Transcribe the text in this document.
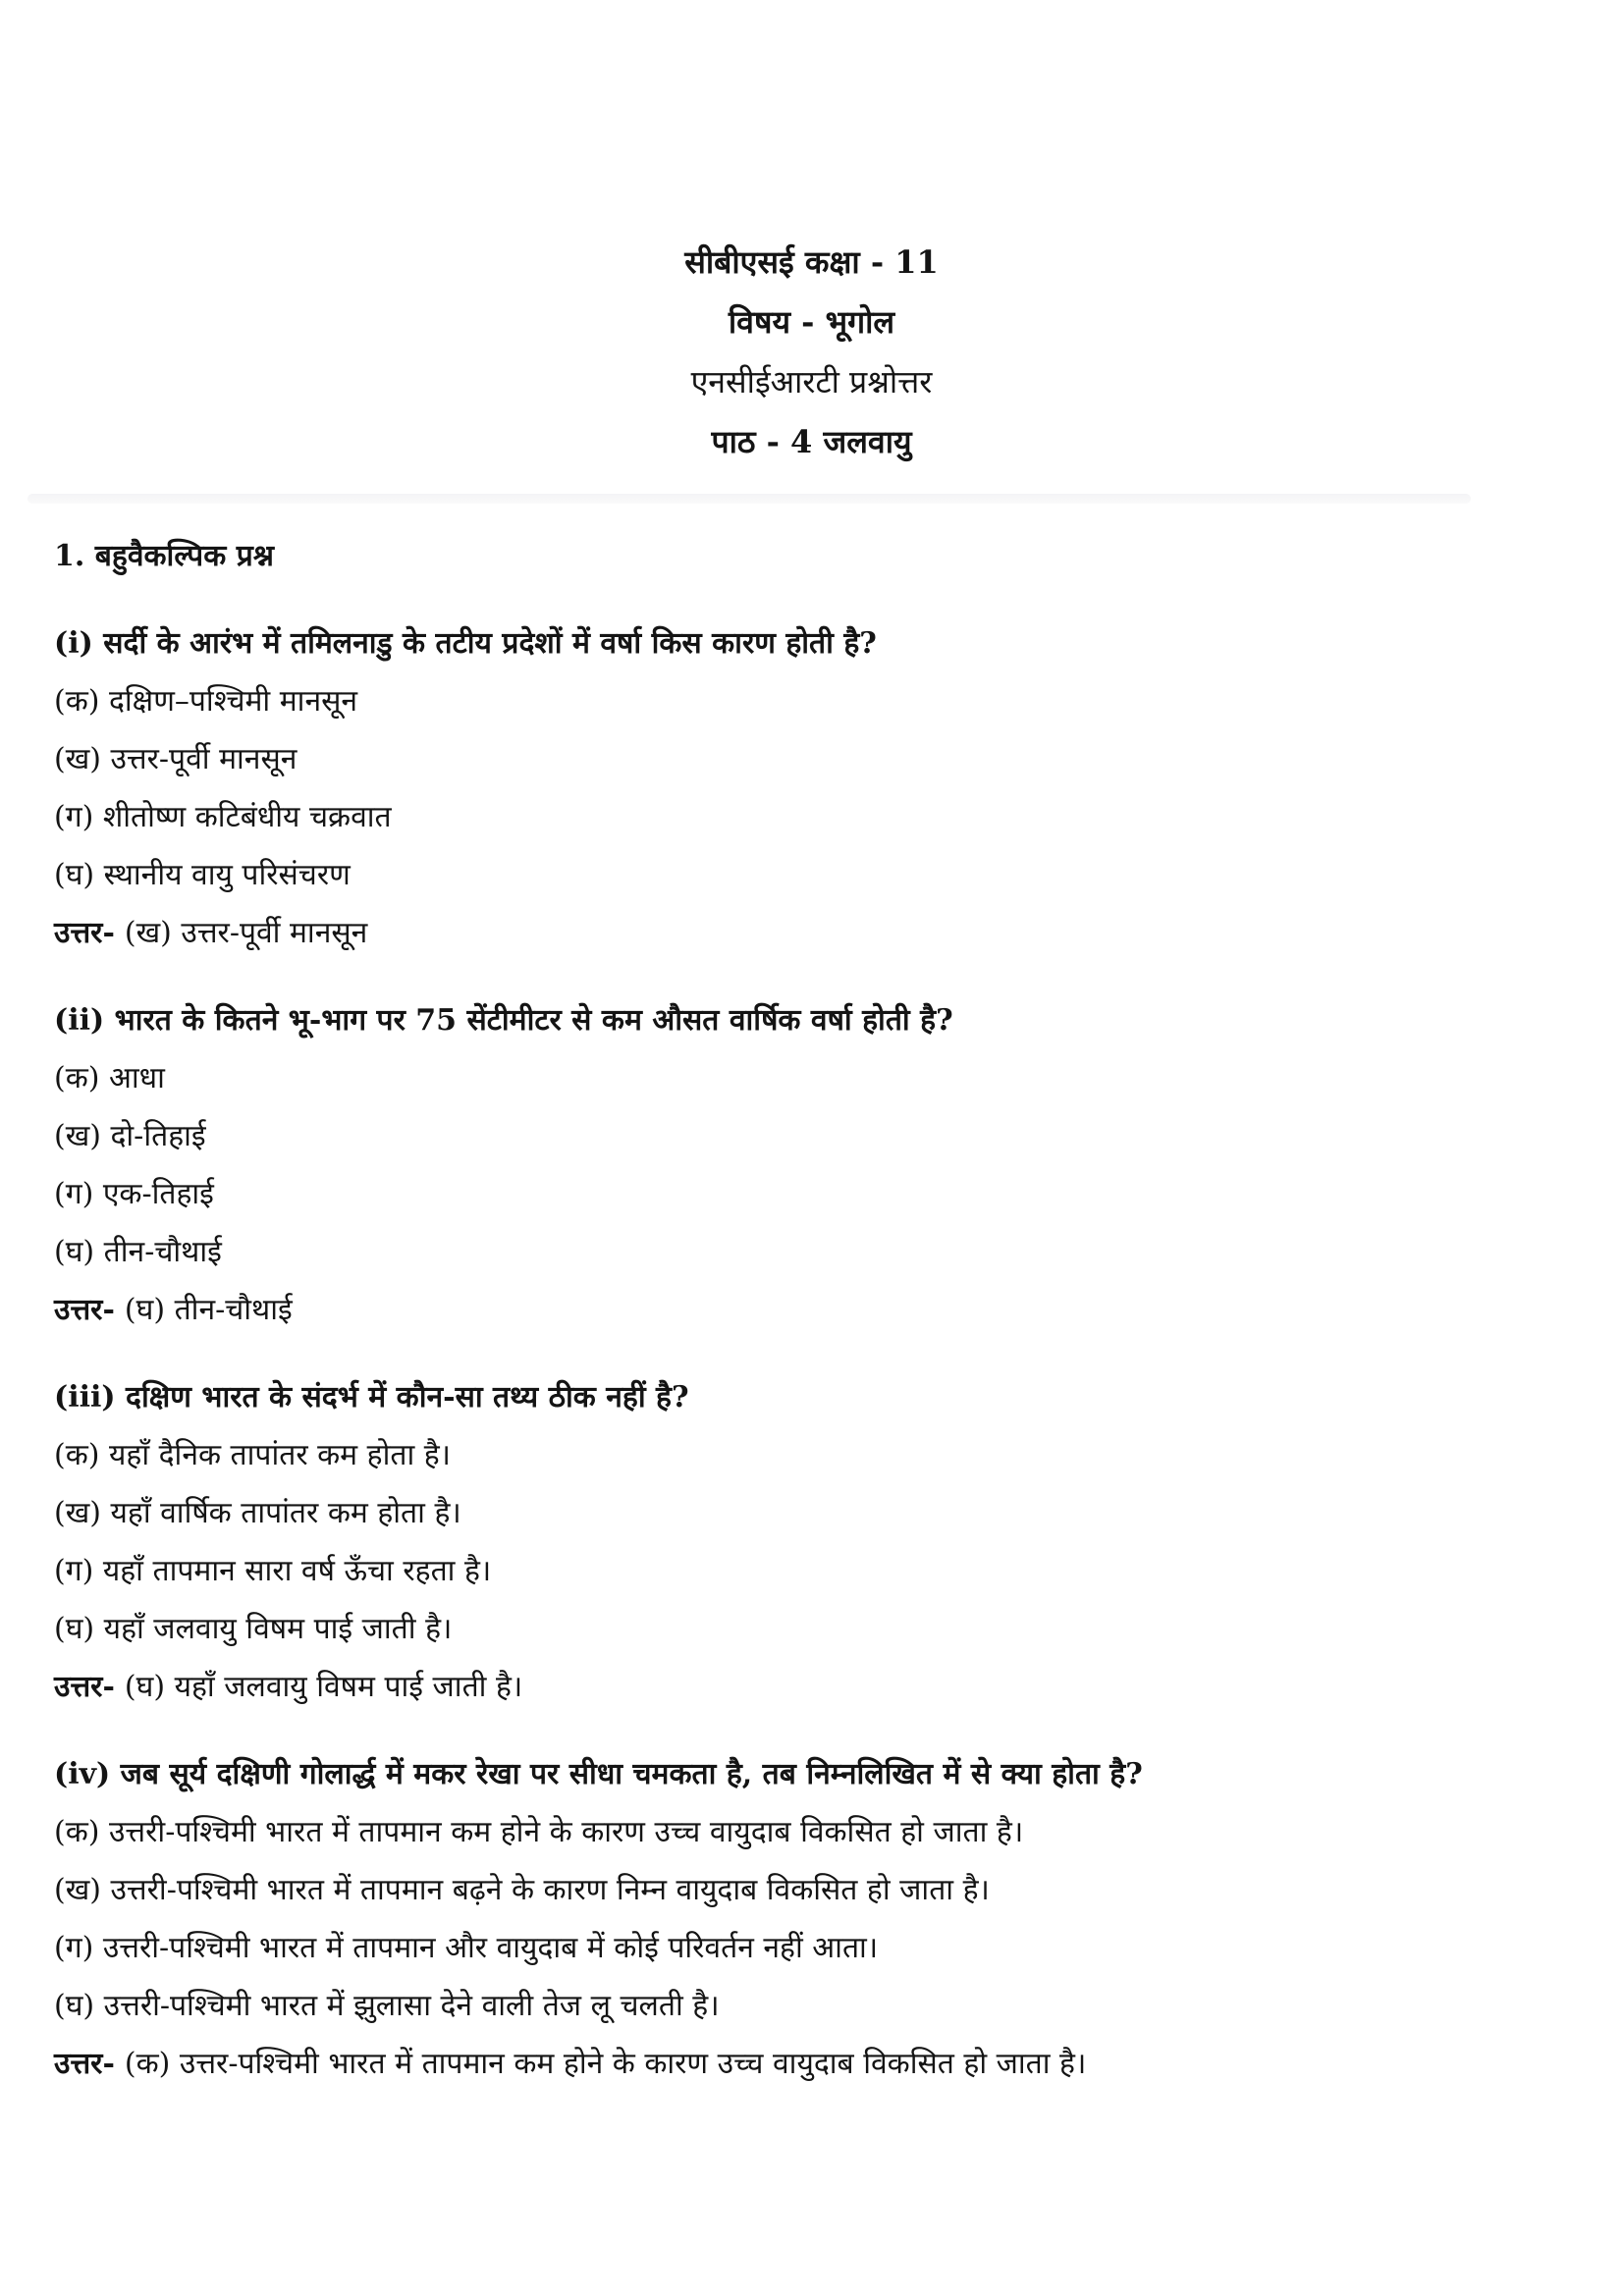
सीबीएसई कक्षा - 11
विषय - भूगोल
एनसीईआरटी प्रश्नोत्तर
पाठ - 4 जलवायु
1. बहुवैकल्पिक प्रश्न
(i) सर्दी के आरंभ में तमिलनाडु के तटीय प्रदेशों में वर्षा किस कारण होती है?
(क) दक्षिण–पश्चिमी मानसून
(ख) उत्तर-पूर्वी मानसून
(ग) शीतोष्ण कटिबंधीय चक्रवात
(घ) स्थानीय वायु परिसंचरण
उत्तर- (ख) उत्तर-पूर्वी मानसून
(ii) भारत के कितने भू-भाग पर 75 सेंटीमीटर से कम औसत वार्षिक वर्षा होती है?
(क) आधा
(ख) दो-तिहाई
(ग) एक-तिहाई
(घ) तीन-चौथाई
उत्तर- (घ) तीन-चौथाई
(iii) दक्षिण भारत के संदर्भ में कौन-सा तथ्य ठीक नहीं है?
(क) यहाँ दैनिक तापांतर कम होता है।
(ख) यहाँ वार्षिक तापांतर कम होता है।
(ग) यहाँ तापमान सारा वर्ष ऊँचा रहता है।
(घ) यहाँ जलवायु विषम पाई जाती है।
उत्तर- (घ) यहाँ जलवायु विषम पाई जाती है।
(iv) जब सूर्य दक्षिणी गोलार्द्ध में मकर रेखा पर सीधा चमकता है, तब निम्नलिखित में से क्या होता है?
(क) उत्तरी-पश्चिमी भारत में तापमान कम होने के कारण उच्च वायुदाब विकसित हो जाता है।
(ख) उत्तरी-पश्चिमी भारत में तापमान बढ़ने के कारण निम्न वायुदाब विकसित हो जाता है।
(ग) उत्तरी-पश्चिमी भारत में तापमान और वायुदाब में कोई परिवर्तन नहीं आता।
(घ) उत्तरी-पश्चिमी भारत में झुलासा देने वाली तेज लू चलती है।
उत्तर- (क) उत्तर-पश्चिमी भारत में तापमान कम होने के कारण उच्च वायुदाब विकसित हो जाता है।
